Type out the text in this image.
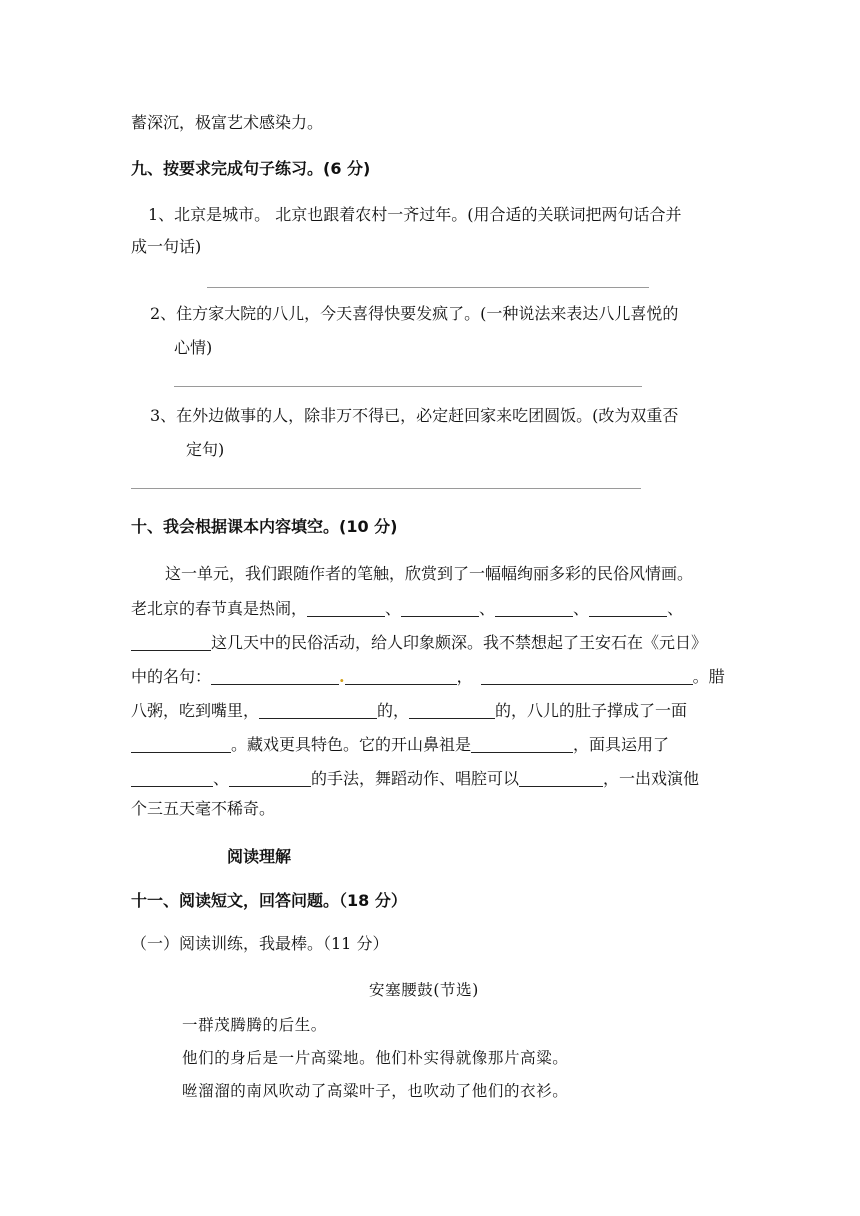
蓄深沉，极富艺术感染力。
九、按要求完成句子练习。(6 分)
1、北京是城市。 北京也跟着农村一齐过年。(用合适的关联词把两句话合并
成一句话)
2、住方家大院的八儿，今天喜得快要发疯了。(一种说法来表达八儿喜悦的
心情)
3、在外边做事的人，除非万不得已，必定赶回家来吃团圆饭。(改为双重否
定句)
十、我会根据课本内容填空。(10 分)
这一单元，我们跟随作者的笔触，欣赏到了一幅幅绚丽多彩的民俗风情画。
老北京的春节真是热闹，	、	、	、	、
这几天中的民俗活动，给人印象颇深。我不禁想起了王安石在《元日》
中的名句：	.	，	。腊
八粥，吃到嘴里，	的，	的，八儿的肚子撑成了一面
。藏戏更具特色。它的开山鼻祖是	，面具运用了
、	的手法，舞蹈动作、唱腔可以	，一出戏演他
个三五天毫不稀奇。
阅读理解
十一、阅读短文，回答问题。（18 分）
（一）阅读训练，我最棒。（11 分）
安塞腰鼓(节选)
一群茂腾腾的后生。
他们的身后是一片高粱地。他们朴实得就像那片高粱。
咝溜溜的南风吹动了高粱叶子，也吹动了他们的衣衫。
